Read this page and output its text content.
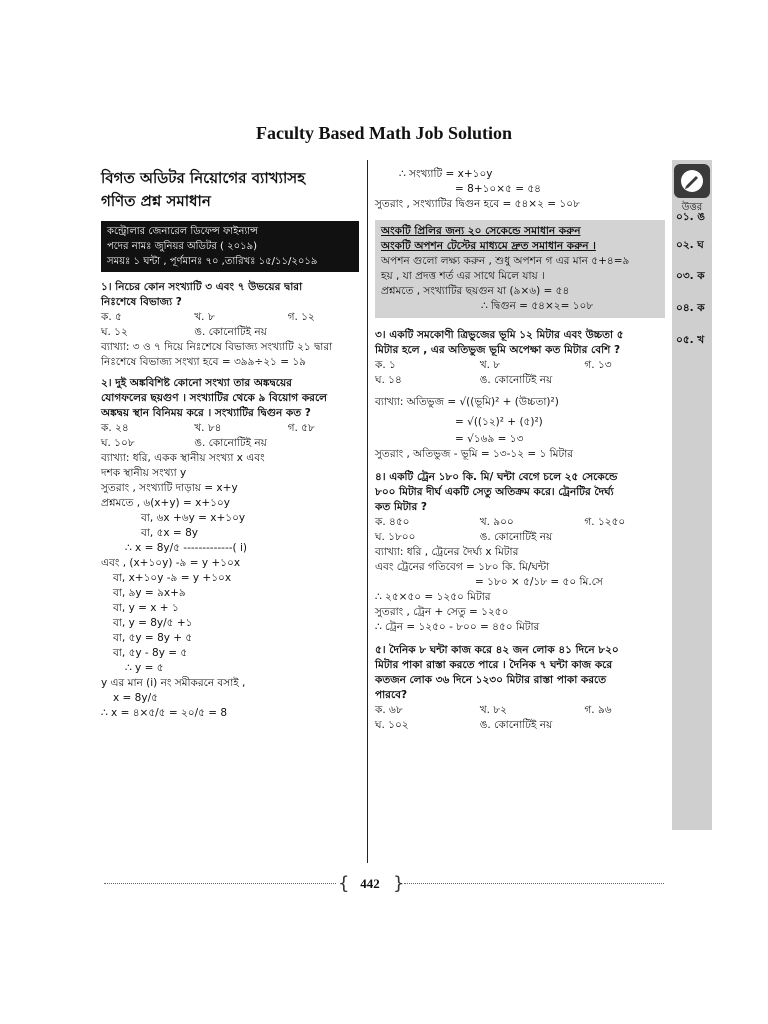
Faculty Based Math Job Solution
বিগত অডিটর নিয়োগের ব্যাখ্যাসহ
গণিত প্রশ্ন সমাধান
কন্ট্রোলার জেনারেল ডিফেন্স ফাইন্যান্স
পদের নামঃ জুনিয়র অডিটর ( ২০১৯)
সময়ঃ ১ ঘন্টা , পূর্ণমানঃ ৭০ ,তারিখঃ ১৫/১১/২০১৯
১। নিচের কোন সংখ্যাটি ৩ এবং ৭ উভয়ের দ্বারা
নিঃশেষে বিভাজ্য ?
ক. ৫	খ. ৮	গ. ১২
ঘ. ১২	ঙ. কোনোটিই নয়
ব্যাখ্যা: ৩ ও ৭ দিয়ে নিঃশেষে বিভাজ্য সংখ্যাটি ২১ দ্বারা
নিঃশেষে বিভাজ্য সংখ্যা হবে = ৩৯৯÷২১ = ১৯
২। দুই অঙ্কবিশিষ্ট কোনো সংখ্যা তার অঙ্কদ্বয়ের
যোগফলের ছয়গুণ । সংখ্যাটির থেকে ৯ বিয়োগ করলে
অঙ্কদ্বয় স্থান বিনিময় করে । সংখ্যাটির দ্বিগুন কত ?
ক. ২৪	খ. ৮৪	গ. ৫৮
ঘ. ১০৮	ঙ. কোনোটিই নয়
ব্যাখ্যা: ধরি, একক স্থানীয় সংখ্যা x এবং
দশক স্থানীয় সংখ্যা y
সুতরাং , সংখ্যাটি দাড়ায় = x+y
প্রশ্নমতে , ৬(x+y) = x+১০y
বা, ৬x +৬y = x+১০y
বা, ৫x = 8y
∴ x = 8y/৫ -------------( i)
এবং , (x+১০y) -৯ = y +১০x
বা, x+১০y -৯ = y +১০x
বা, ৯y = ৯x+৯
বা, y = x + ১
বা, y = 8y/৫ +১
বা, ৫y = 8y + ৫
বা, ৫y - 8y = ৫
∴ y = ৫
y এর মান (i) নং সমীকরনে বসাই ,
x = 8y/৫
∴ x = ৪×৫/৫ = ২০/৫ = 8
∴ সংখ্যাটি = x+১০y
= 8+১০×৫ = ৫৪
সুতরাং , সংখ্যাটির দ্বিগুন হবে = ৫৪×২ = ১০৮
অংকটি প্রিলির জন্য ২০ সেকেন্ডে সমাধান করুন
অংকটি অপশন টেস্টের মাধ্যমে দ্রুত সমাধান করুন ।
অপশন গুলো লক্ষ্য করুন , শুধু অপশন গ এর মান ৫+৪=৯
হয় , যা প্রদত্ত শর্ত এর সাথে মিলে যায় ।
প্রশ্নমতে , সংখ্যাটির ছয়গুন যা (৯×৬) = ৫৪
∴ দ্বিগুন = ৫৪×২= ১০৮
৩। একটি সমকোণী ত্রিভুজের ভূমি ১২ মিটার এবং উচ্চতা ৫
মিটার হলে , এর অতিভুজ ভূমি অপেক্ষা কত মিটার বেশি ?
ক. ১	খ. ৮	গ. ১৩
ঘ. ১৪	ঙ. কোনোটিই নয়
ব্যাখ্যা: অতিভুজ = √((ভূমি)² + (উচ্চতা)²)
= √((১২)² + (৫)²)
= √১৬৯ = ১৩
সুতরাং , অতিভুজ - ভূমি = ১৩-১২ = ১ মিটার
৪। একটি ট্রেন ১৮০ কি. মি/ ঘন্টা বেগে চলে ২৫ সেকেন্ডে
৮০০ মিটার দীর্ঘ একটি সেতু অতিক্রম করে। ট্রেনটির দৈর্ঘ্য
কত মিটার ?
ক. ৪৫০	খ. ৯০০	গ. ১২৫০
ঘ. ১৮০০	ঙ. কোনোটিই নয়
ব্যাখ্যা: ধরি , ট্রেনের দৈর্ঘ্য x মিটার
এবং ট্রেনের গতিবেগ = ১৮০ কি. মি/ঘন্টা
= ১৮০ × ৫/১৮ = ৫০ মি.সে
∴ ২৫×৫০ = ১২৫০ মিটার
সুতরাং , ট্রেন + সেতু = ১২৫০
∴ ট্রেন = ১২৫০ - ৮০০ = ৪৫০ মিটার
৫। দৈনিক ৮ ঘন্টা কাজ করে ৪২ জন লোক ৪১ দিনে ৮২০
মিটার পাকা রাস্তা করতে পারে । দৈনিক ৭ ঘন্টা কাজ করে
কতজন লোক ৩৬ দিনে ১২৩০ মিটার রাস্তা পাকা করতে
পারবে?
ক. ৬৮	খ. ৮২	গ. ৯৬
ঘ. ১০২	ঙ. কোনোটিই নয়
উত্তর
০১. ঙ
০২. ঘ
০৩. ক
০৪. ক
০৫. খ
{ 442 }
